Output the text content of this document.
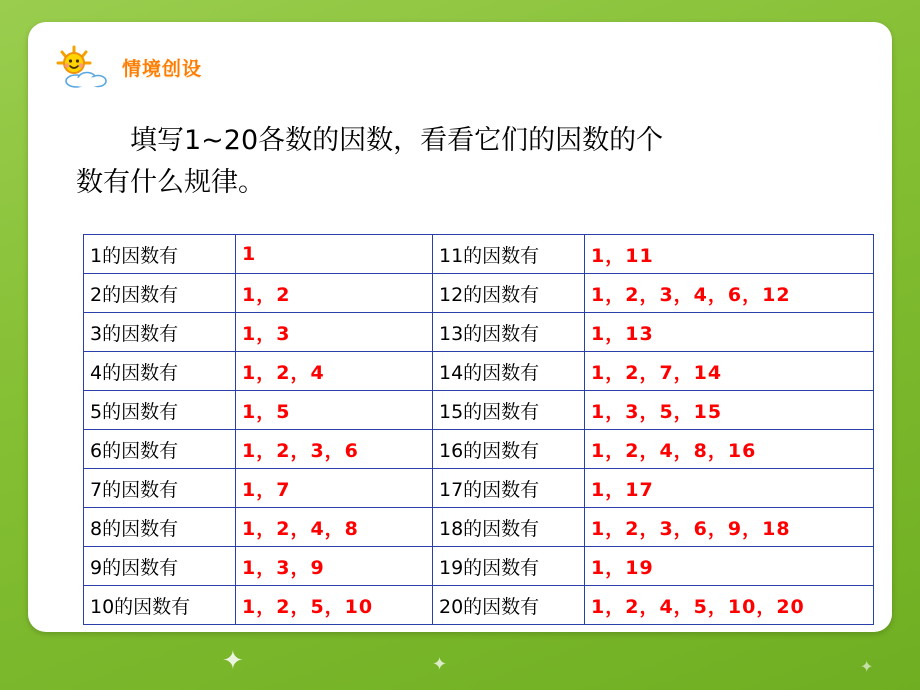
✦	✦	✦
情境创设
填写1~20各数的因数，看看它们的因数的个
数有什么规律。
1的因数有	1	11的因数有	1，11
2的因数有	1，2	12的因数有	1，2，3，4，6，12
3的因数有	1，3	13的因数有	1，13
4的因数有	1，2，4	14的因数有	1，2，7，14
5的因数有	1，5	15的因数有	1，3，5，15
6的因数有	1，2，3，6	16的因数有	1，2，4，8，16
7的因数有	1，7	17的因数有	1，17
8的因数有	1，2，4，8	18的因数有	1，2，3，6，9，18
9的因数有	1，3，9	19的因数有	1，19
10的因数有	1，2，5，10	20的因数有	1，2，4，5，10，20
